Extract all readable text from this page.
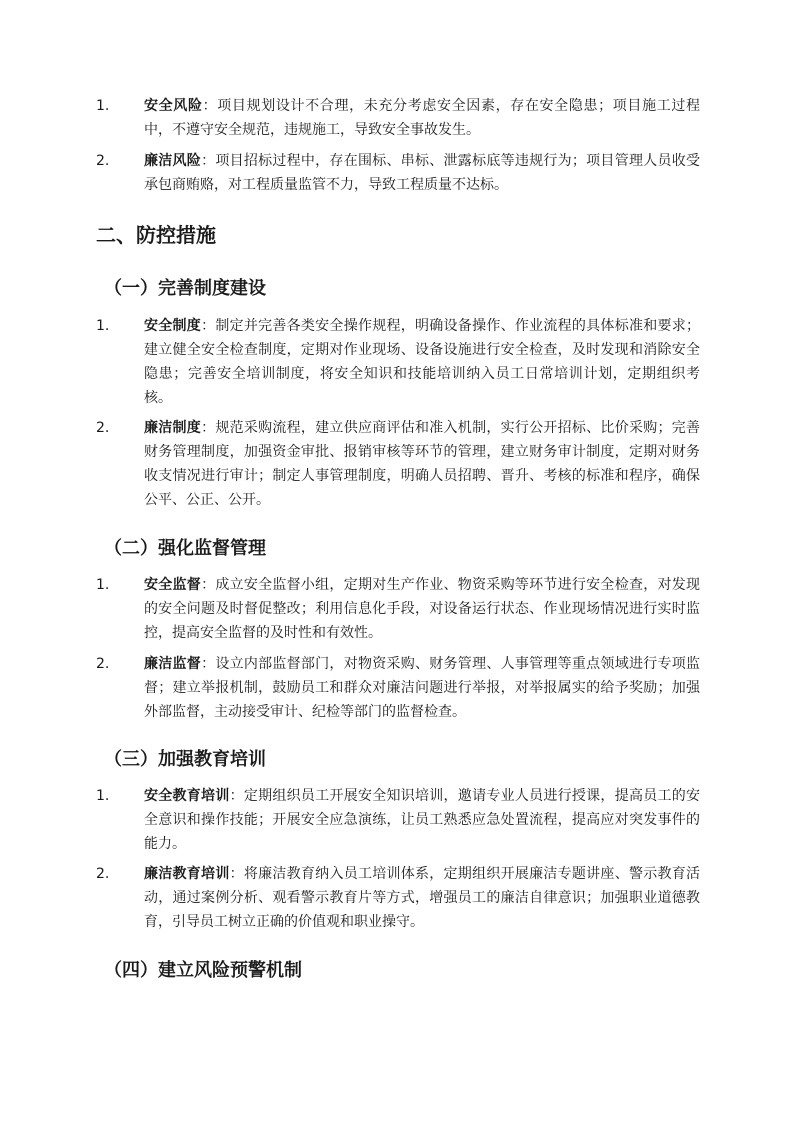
1. 安全风险：项目规划设计不合理，未充分考虑安全因素，存在安全隐患；项目施工过程中，不遵守安全规范，违规施工，导致安全事故发生。
2. 廉洁风险：项目招标过程中，存在围标、串标、泄露标底等违规行为；项目管理人员收受承包商贿赂，对工程质量监管不力，导致工程质量不达标。
二、防控措施
（一）完善制度建设
1. 安全制度：制定并完善各类安全操作规程，明确设备操作、作业流程的具体标准和要求；建立健全安全检查制度，定期对作业现场、设备设施进行安全检查，及时发现和消除安全隐患；完善安全培训制度，将安全知识和技能培训纳入员工日常培训计划，定期组织考核。
2. 廉洁制度：规范采购流程，建立供应商评估和准入机制，实行公开招标、比价采购；完善财务管理制度，加强资金审批、报销审核等环节的管理，建立财务审计制度，定期对财务收支情况进行审计；制定人事管理制度，明确人员招聘、晋升、考核的标准和程序，确保公平、公正、公开。
（二）强化监督管理
1. 安全监督：成立安全监督小组，定期对生产作业、物资采购等环节进行安全检查，对发现的安全问题及时督促整改；利用信息化手段，对设备运行状态、作业现场情况进行实时监控，提高安全监督的及时性和有效性。
2. 廉洁监督：设立内部监督部门，对物资采购、财务管理、人事管理等重点领域进行专项监督；建立举报机制，鼓励员工和群众对廉洁问题进行举报，对举报属实的给予奖励；加强外部监督，主动接受审计、纪检等部门的监督检查。
（三）加强教育培训
1. 安全教育培训：定期组织员工开展安全知识培训，邀请专业人员进行授课，提高员工的安全意识和操作技能；开展安全应急演练，让员工熟悉应急处置流程，提高应对突发事件的能力。
2. 廉洁教育培训：将廉洁教育纳入员工培训体系，定期组织开展廉洁专题讲座、警示教育活动，通过案例分析、观看警示教育片等方式，增强员工的廉洁自律意识；加强职业道德教育，引导员工树立正确的价值观和职业操守。
（四）建立风险预警机制
